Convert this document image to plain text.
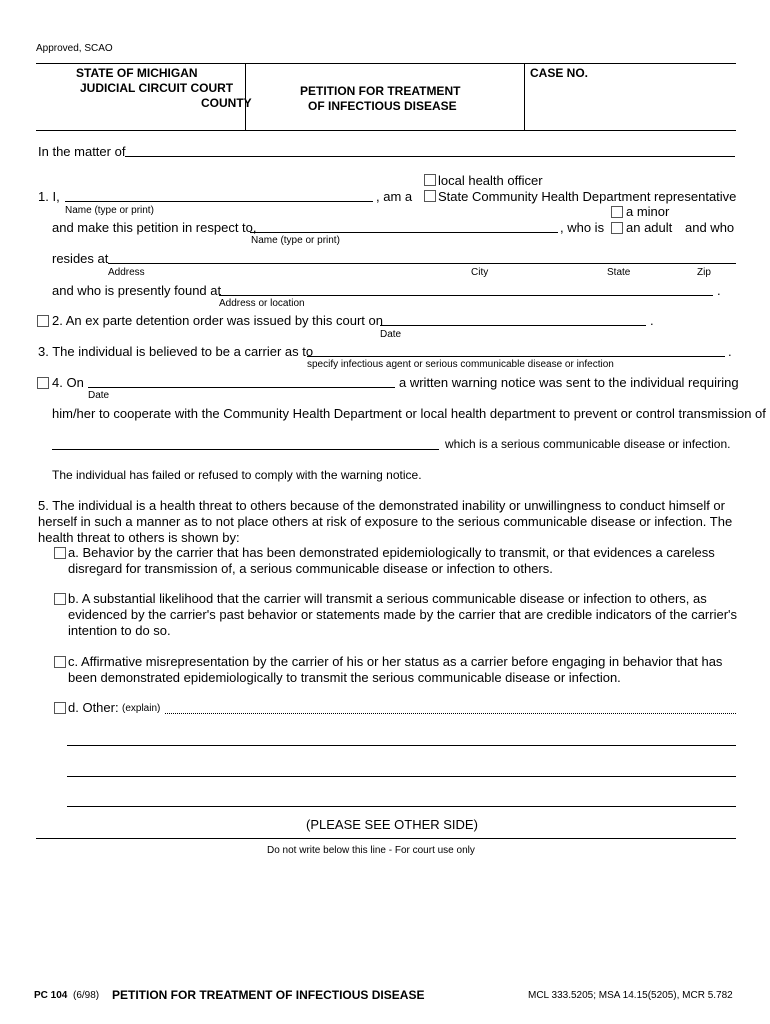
Approved, SCAO
STATE OF MICHIGAN
JUDICIAL CIRCUIT COURT
COUNTY
PETITION FOR TREATMENT
OF INFECTIOUS DISEASE
CASE NO.
In the matter of
local health officer
1. I,	, am a State Community Health Department representative
Name (type or print)	a minor
and make this petition in respect to,	, who is an adult and who
Name (type or print)
resides at
Address	City	State	Zip
and who is presently found at	.
Address or location
2. An ex parte detention order was issued by this court on	.
Date
3. The individual is believed to be a carrier as to	.
specify infectious agent or serious communicable disease or infection
4. On	a written warning notice was sent to the individual requiring
Date
him/her to cooperate with the Community Health Department or local health department to prevent or control transmission of
which is a serious communicable disease or infection.
The individual has failed or refused to comply with the warning notice.
5. The individual is a health threat to others because of the demonstrated inability or unwillingness to conduct himself or herself in such a manner as to not place others at risk of exposure to the serious communicable disease or infection. The health threat to others is shown by:
a. Behavior by the carrier that has been demonstrated epidemiologically to transmit, or that evidences a careless disregard for transmission of, a serious communicable disease or infection to others.
b. A substantial likelihood that the carrier will transmit a serious communicable disease or infection to others, as evidenced by the carrier's past behavior or statements made by the carrier that are credible indicators of the carrier's intention to do so.
c. Affirmative misrepresentation by the carrier of his or her status as a carrier before engaging in behavior that has been demonstrated epidemiologically to transmit the serious communicable disease or infection.
d. Other: (explain)
(PLEASE SEE OTHER SIDE)
Do not write below this line - For court use only
PC 104 (6/98) PETITION FOR TREATMENT OF INFECTIOUS DISEASE	MCL 333.5205; MSA 14.15(5205), MCR 5.782
